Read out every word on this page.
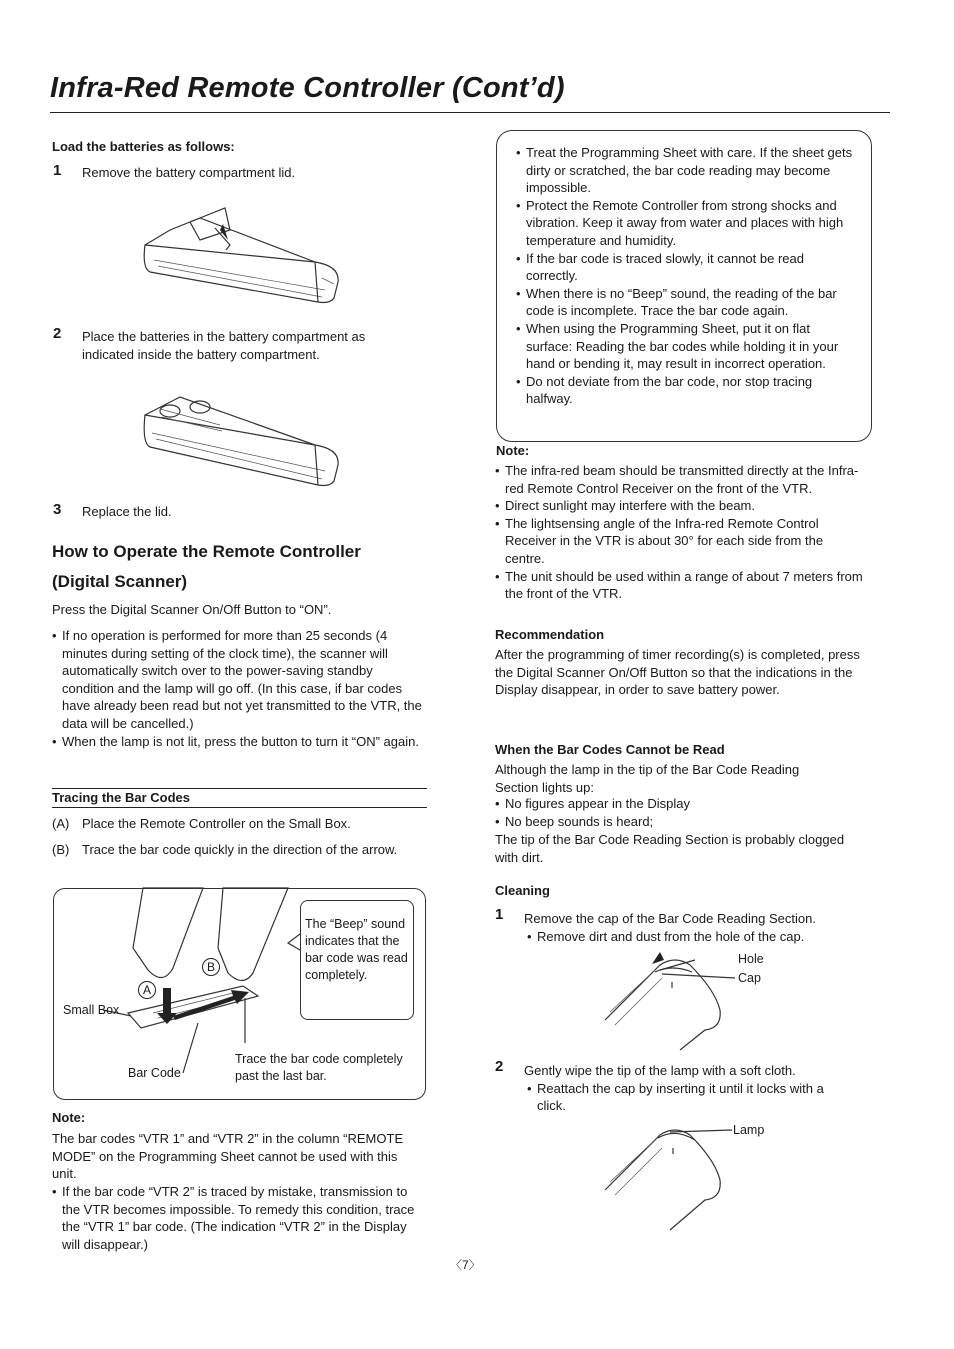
Infra-Red Remote Controller (Cont’d)
Load the batteries as follows:
1 Remove the battery compartment lid.
2 Place the batteries in the battery compartment as indicated inside the battery compartment.
3 Replace the lid.
How to Operate the Remote Controller
(Digital Scanner)
Press the Digital Scanner On/Off Button to “ON”.
• If no operation is performed for more than 25 seconds (4 minutes during setting of the clock time), the scanner will automatically switch over to the power-saving standby condition and the lamp will go off. (In this case, if bar codes have already been read but not yet transmitted to the VTR, the data will be cancelled.)
• When the lamp is not lit, press the button to turn it “ON” again.
Tracing the Bar Codes
(A) Place the Remote Controller on the Small Box.
(B) Trace the bar code quickly in the direction of the arrow.
The “Beep” sound indicates that the bar code was read completely.
Small Box
Bar Code
Trace the bar code completely past the last bar.
A
B
Note:
The bar codes “VTR 1” and “VTR 2” in the column “REMOTE MODE” on the Programming Sheet cannot be used with this unit.
• If the bar code “VTR 2” is traced by mistake, transmission to the VTR becomes impossible. To remedy this condition, trace the “VTR 1” bar code. (The indication “VTR 2” in the Display will disappear.)
• Treat the Programming Sheet with care. If the sheet gets dirty or scratched, the bar code reading may become impossible.
• Protect the Remote Controller from strong shocks and vibration. Keep it away from water and places with high temperature and humidity.
• If the bar code is traced slowly, it cannot be read correctly.
• When there is no “Beep” sound, the reading of the bar code is incomplete. Trace the bar code again.
• When using the Programming Sheet, put it on flat surface: Reading the bar codes while holding it in your hand or bending it, may result in incorrect operation.
• Do not deviate from the bar code, nor stop tracing halfway.
Note:
• The infra-red beam should be transmitted directly at the Infra-red Remote Control Receiver on the front of the VTR.
• Direct sunlight may interfere with the beam.
• The lightsensing angle of the Infra-red Remote Control Receiver in the VTR is about 30° for each side from the centre.
• The unit should be used within a range of about 7 meters from the front of the VTR.
Recommendation
After the programming of timer recording(s) is completed, press the Digital Scanner On/Off Button so that the indications in the Display disappear, in order to save battery power.
When the Bar Codes Cannot be Read
Although the lamp in the tip of the Bar Code Reading Section lights up:
• No figures appear in the Display
• No beep sounds is heard;
The tip of the Bar Code Reading Section is probably clogged with dirt.
Cleaning
1 Remove the cap of the Bar Code Reading Section.
• Remove dirt and dust from the hole of the cap.
Hole
Cap
2 Gently wipe the tip of the lamp with a soft cloth.
• Reattach the cap by inserting it until it locks with a click.
Lamp
〈7〉
